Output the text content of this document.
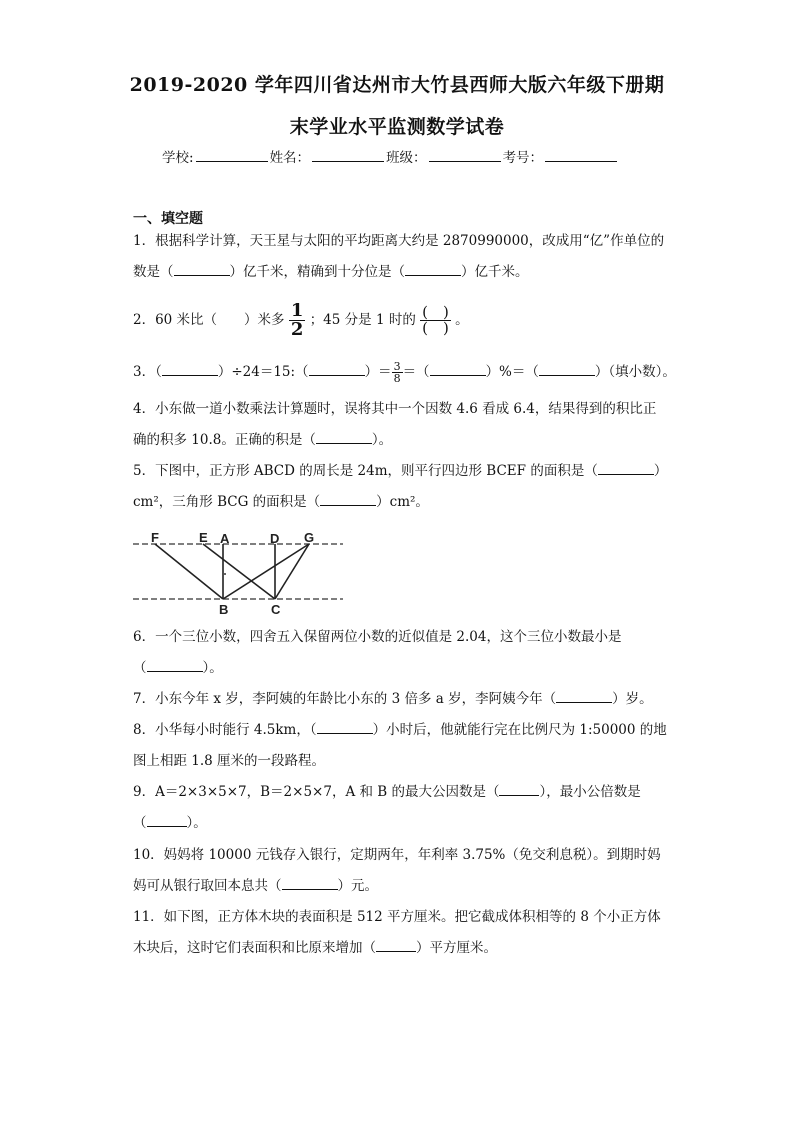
2019-2020 学年四川省达州市大竹县西师大版六年级下册期
末学业水平监测数学试卷
学校:	姓名：	班级：	考号：
一、填空题
1．根据科学计算，天王星与太阳的平均距离大约是 2870990000，改成用“亿”作单位的
数是（	）亿千米，精确到十分位是（	）亿千米。
2．60 米比（　　）米多 $\frac{1}{2}$ ；45 分是 1 时的 $\frac{( )}{( )}$ 。
3．（	）÷24＝15:（	）＝ $\frac{3}{8}$ ＝（	）%＝（	）（填小数）。
4．小东做一道小数乘法计算题时，误将其中一个因数 4.6 看成 6.4，结果得到的积比正
确的积多 10.8。正确的积是（	）。
5．下图中，正方形 ABCD 的周长是 24m，则平行四边形 BCEF 的面积是（	）
cm²，三角形 BCG 的面积是（	）cm²。
F	E A	D G
B	C
6．一个三位小数，四舍五入保留两位小数的近似值是 2.04，这个三位小数最小是
（	）。
7．小东今年 x 岁，李阿姨的年龄比小东的 3 倍多 a 岁，李阿姨今年（	）岁。
8．小华每小时能行 4.5km，（	）小时后，他就能行完在比例尺为 1:50000 的地
图上相距 1.8 厘米的一段路程。
9．A＝2×3×5×7，B＝2×5×7，A 和 B 的最大公因数是（	），最小公倍数是
（	）。
10．妈妈将 10000 元钱存入银行，定期两年，年利率 3.75%（免交利息税）。到期时妈
妈可从银行取回本息共（	）元。
11．如下图，正方体木块的表面积是 512 平方厘米。把它截成体积相等的 8 个小正方体
木块后，这时它们表面积和比原来增加（	）平方厘米。
